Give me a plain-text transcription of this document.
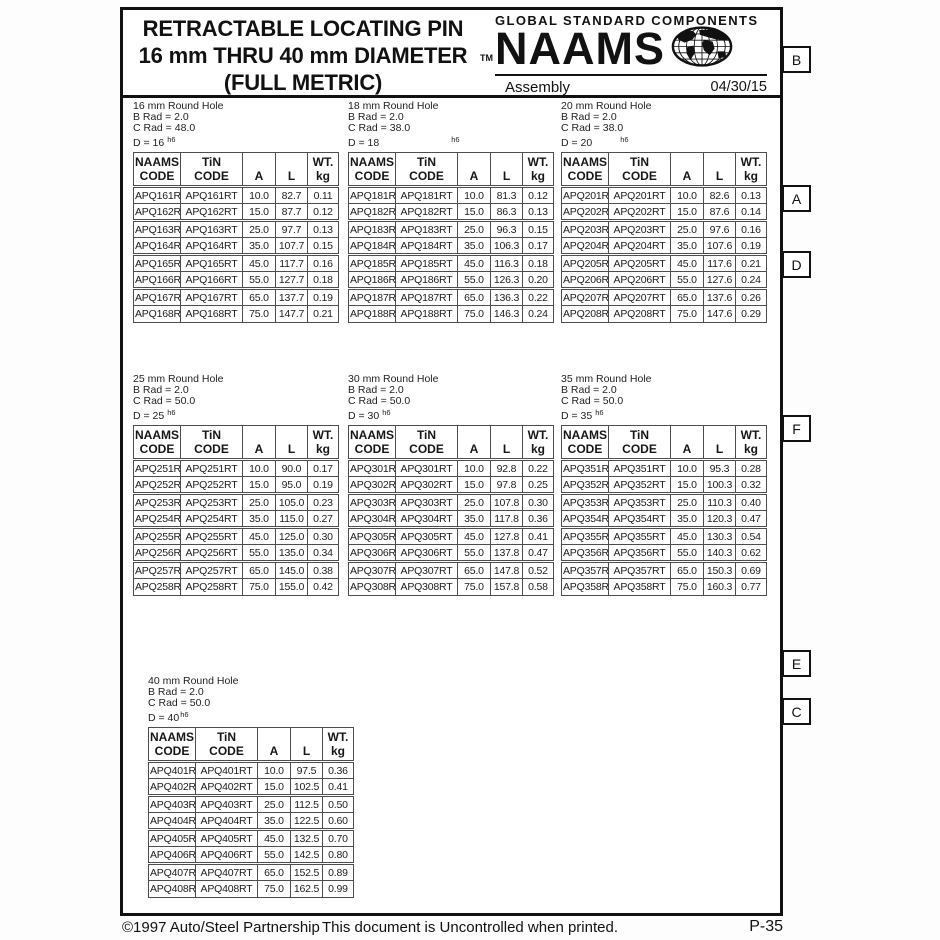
RETRACTABLE LOCATING PIN
16 mm THRU 40 mm DIAMETER
(FULL METRIC)
TM
GLOBAL STANDARD COMPONENTS
NAAMS
Assembly	04/30/15
16 mm Round Hole
B Rad = 2.0
C Rad = 48.0
D = 16 $^{h6}$
NAAMS
CODE

TiN
CODE	A	L	
WT.
kg

APQ161R	APQ161RT	10.0	82.7	0.11
APQ162R	APQ162RT	15.0	87.7	0.12
APQ163R	APQ163RT	25.0	97.7	0.13
APQ164R	APQ164RT	35.0	107.7	0.15
APQ165R	APQ165RT	45.0	117.7	0.16
APQ166R	APQ166RT	55.0	127.7	0.18
APQ167R	APQ167RT	65.0	137.7	0.19
APQ168R	APQ168RT	75.0	147.7	0.21
18 mm Round Hole
B Rad = 2.0
C Rad = 38.0
D = 18	$^{h6}$
NAAMS
CODE

TiN
CODE	A	L	
WT.
kg

APQ181R	APQ181RT	10.0	81.3	0.12
APQ182R	APQ182RT	15.0	86.3	0.13
APQ183R	APQ183RT	25.0	96.3	0.15
APQ184R	APQ184RT	35.0	106.3	0.17
APQ185R	APQ185RT	45.0	116.3	0.18
APQ186R	APQ186RT	55.0	126.3	0.20
APQ187R	APQ187RT	65.0	136.3	0.22
APQ188R	APQ188RT	75.0	146.3	0.24
20 mm Round Hole
B Rad = 2.0
C Rad = 38.0
D = 20	$^{h6}$
NAAMS
CODE

TiN
CODE	A	L	
WT.
kg

APQ201R	APQ201RT	10.0	82.6	0.13
APQ202R	APQ202RT	15.0	87.6	0.14
APQ203R	APQ203RT	25.0	97.6	0.16
APQ204R	APQ204RT	35.0	107.6	0.19
APQ205R	APQ205RT	45.0	117.6	0.21
APQ206R	APQ206RT	55.0	127.6	0.24
APQ207R	APQ207RT	65.0	137.6	0.26
APQ208R	APQ208RT	75.0	147.6	0.29
25 mm Round Hole
B Rad = 2.0
C Rad = 50.0
D = 25 $^{h6}$
NAAMS
CODE

TiN
CODE	A	L	
WT.
kg

APQ251R	APQ251RT	10.0	90.0	0.17
APQ252R	APQ252RT	15.0	95.0	0.19
APQ253R	APQ253RT	25.0	105.0	0.23
APQ254R	APQ254RT	35.0	115.0	0.27
APQ255R	APQ255RT	45.0	125.0	0.30
APQ256R	APQ256RT	55.0	135.0	0.34
APQ257R	APQ257RT	65.0	145.0	0.38
APQ258R	APQ258RT	75.0	155.0	0.42
30 mm Round Hole
B Rad = 2.0
C Rad = 50.0
D = 30 $^{h6}$
NAAMS
CODE

TiN
CODE	A	L	
WT.
kg

APQ301R	APQ301RT	10.0	92.8	0.22
APQ302R	APQ302RT	15.0	97.8	0.25
APQ303R	APQ303RT	25.0	107.8	0.30
APQ304R	APQ304RT	35.0	117.8	0.36
APQ305R	APQ305RT	45.0	127.8	0.41
APQ306R	APQ306RT	55.0	137.8	0.47
APQ307R	APQ307RT	65.0	147.8	0.52
APQ308R	APQ308RT	75.0	157.8	0.58
35 mm Round Hole
B Rad = 2.0
C Rad = 50.0
D = 35 $^{h6}$
NAAMS
CODE

TiN
CODE	A	L	
WT.
kg

APQ351R	APQ351RT	10.0	95.3	0.28
APQ352R	APQ352RT	15.0	100.3	0.32
APQ353R	APQ353RT	25.0	110.3	0.40
APQ354R	APQ354RT	35.0	120.3	0.47
APQ355R	APQ355RT	45.0	130.3	0.54
APQ356R	APQ356RT	55.0	140.3	0.62
APQ357R	APQ357RT	65.0	150.3	0.69
APQ358R	APQ358RT	75.0	160.3	0.77
40 mm Round Hole
B Rad = 2.0
C Rad = 50.0
$D = 40^{h6}$
NAAMS
CODE

TiN
CODE	A	L	
WT.
kg

APQ401R	APQ401RT	10.0	97.5	0.36
APQ402R	APQ402RT	15.0	102.5	0.41
APQ403R	APQ403RT	25.0	112.5	0.50
APQ404R	APQ404RT	35.0	122.5	0.60
APQ405R	APQ405RT	45.0	132.5	0.70
APQ406R	APQ406RT	55.0	142.5	0.80
APQ407R	APQ407RT	65.0	152.5	0.89
APQ408R	APQ408RT	75.0	162.5	0.99
B
A
D
F
E
C
©1997 Auto/Steel Partnership This document is Uncontrolled when printed.	P-35
